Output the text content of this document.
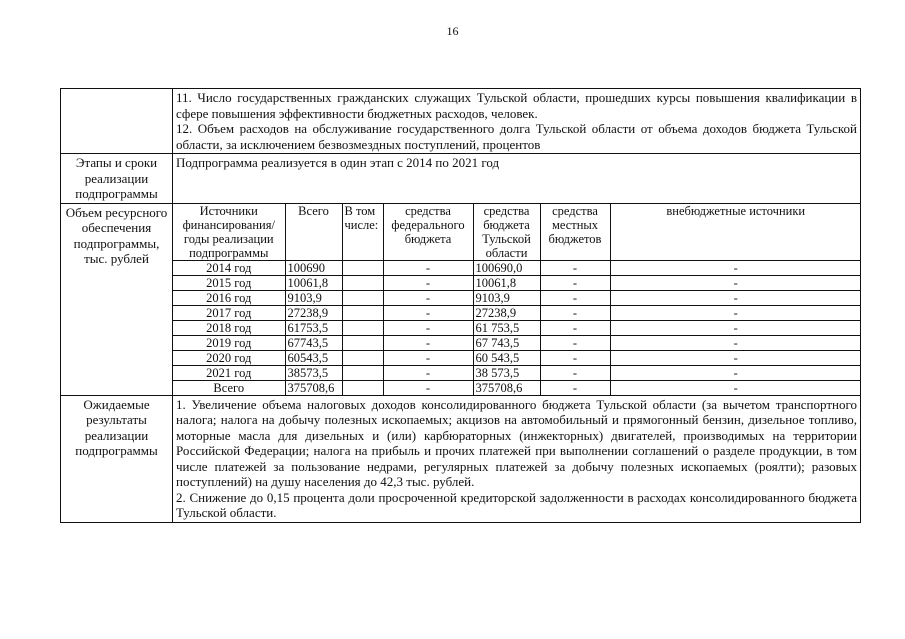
16

11. Число государственных гражданских служащих Тульской области, прошедших курсы повышения квалификации в сфере повышения эффективности бюджетных расходов, человек.

12. Объем расходов на обслуживание государственного долга Тульской области от объема доходов бюджета Тульской области, за исключением безвозмездных поступлений, процентов

Этапы и сроки реализации подпрограммы	

Подпрограмма реализуется в один этап с 2014 по 2021 год

Объем ресурсного обеспечения подпрограммы, тыс. рублей	
Источники финансирования/ годы реализации подпрограммы	Всего	В том числе:	средства федерального бюджета	средства бюджета Тульской области	средства местных бюджетов	внебюджетные источники
2014 год	100690		-	100690,0	-	-
2015 год	10061,8		-	10061,8	-	-
2016 год	9103,9		-	9103,9	-	-
2017 год	27238,9		-	27238,9	-	-
2018 год	61753,5		-	61 753,5	-	-
2019 год	67743,5		-	67 743,5	-	-
2020 год	60543,5		-	60 543,5	-	-
2021 год	38573,5		-	38 573,5	-	-
Всего	375708,6		-	375708,6	-	-

Ожидаемые результаты реализации подпрограммы	

1. Увеличение объема налоговых доходов консолидированного бюджета Тульской области (за вычетом транспортного налога; налога на добычу полезных ископаемых; акцизов на автомобильный и прямогонный бензин, дизельное топливо, моторные масла для дизельных и (или) карбюраторных (инжекторных) двигателей, производимых на территории Российской Федерации; налога на прибыль и прочих платежей при выполнении соглашений о разделе продукции, в том числе платежей за пользование недрами, регулярных платежей за добычу полезных ископаемых (роялти); разовых поступлений) на душу населения до 42,3 тыс. рублей.

2. Снижение до 0,15 процента доли просроченной кредиторской задолженности в расходах консолидированного бюджета Тульской области.
